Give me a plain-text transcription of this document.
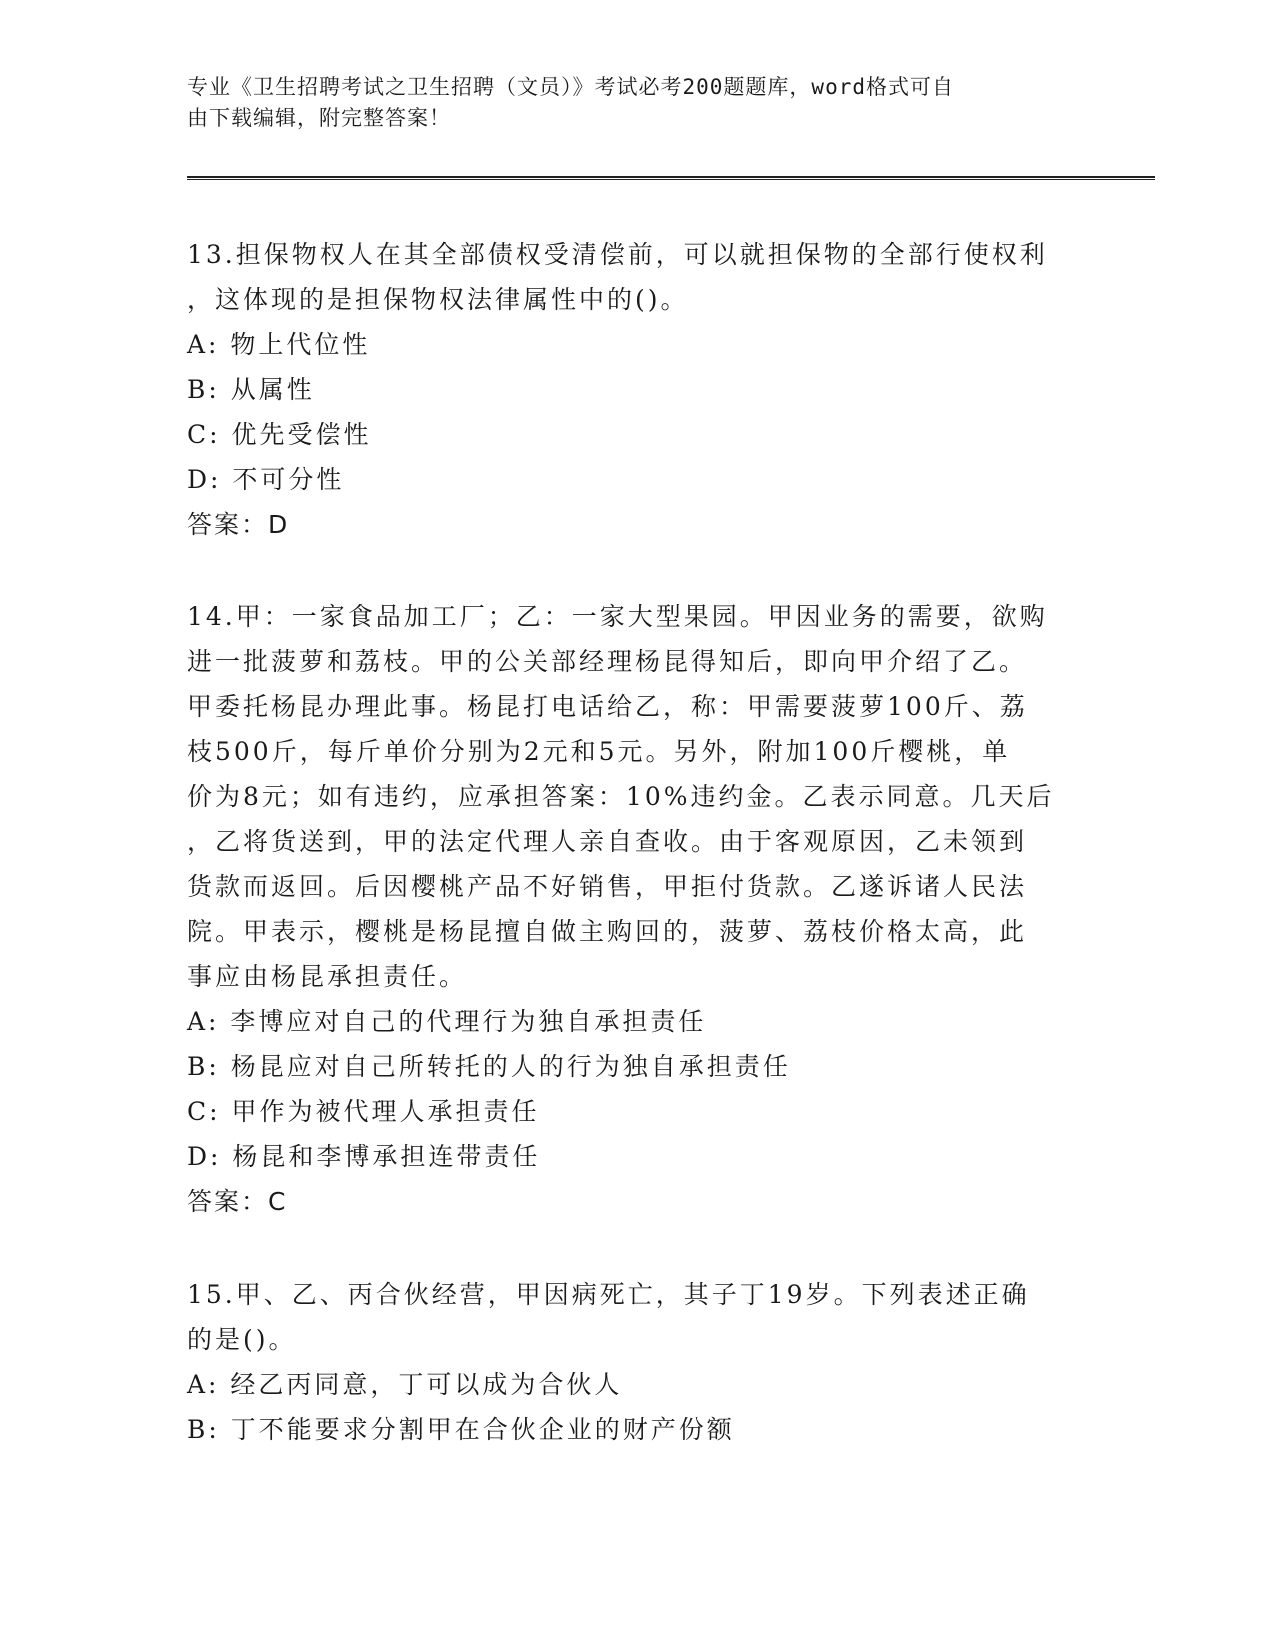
专业《卫生招聘考试之卫生招聘（文员）》考试必考200题题库，word格式可自
由下载编辑，附完整答案！

13.担保物权人在其全部债权受清偿前，可以就担保物的全部行使权利

，这体现的是担保物权法律属性中的()。

A: 物上代位性

B: 从属性

C: 优先受偿性

D: 不可分性

答案：D

14.甲：一家食品加工厂；乙：一家大型果园。甲因业务的需要，欲购

进一批菠萝和荔枝。甲的公关部经理杨昆得知后，即向甲介绍了乙。

甲委托杨昆办理此事。杨昆打电话给乙，称：甲需要菠萝100斤、荔

枝500斤，每斤单价分别为2元和5元。另外，附加100斤樱桃，单

价为8元；如有违约，应承担答案：10%违约金。乙表示同意。几天后

，乙将货送到，甲的法定代理人亲自查收。由于客观原因，乙未领到

货款而返回。后因樱桃产品不好销售，甲拒付货款。乙遂诉诸人民法

院。甲表示，樱桃是杨昆擅自做主购回的，菠萝、荔枝价格太高，此

事应由杨昆承担责任。

A: 李博应对自己的代理行为独自承担责任

B: 杨昆应对自己所转托的人的行为独自承担责任

C: 甲作为被代理人承担责任

D: 杨昆和李博承担连带责任

答案：C

15.甲、乙、丙合伙经营，甲因病死亡，其子丁19岁。下列表述正确

的是()。

A: 经乙丙同意，丁可以成为合伙人

B: 丁不能要求分割甲在合伙企业的财产份额
